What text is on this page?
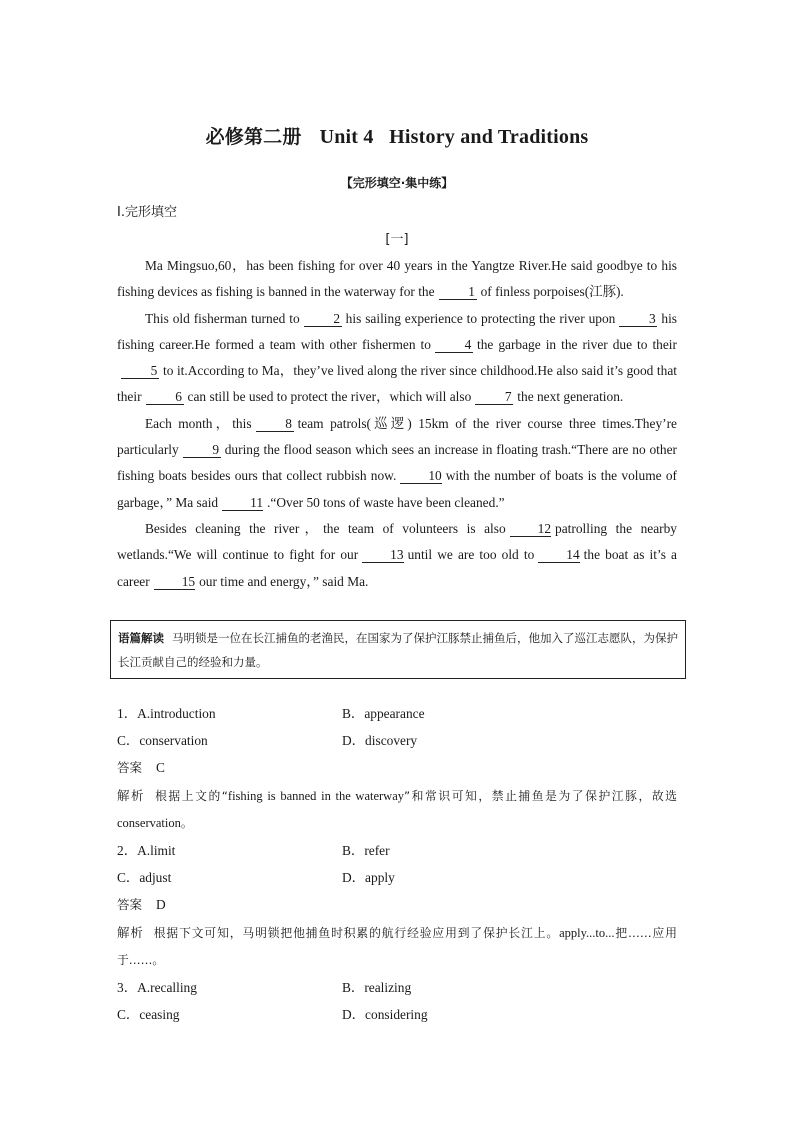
必修第二册 Unit 4   History and Traditions
【完形填空·集中练】
Ⅰ.完形填空
[一]

Ma Mingsuo,60，has been fishing for over 40 years in the Yangtze River.He said goodbye to his fishing devices as fishing is banned in the waterway for the	1 of finless porpoises(江豚).

This old fisherman turned to	2 his sailing experience to protecting the river upon	3 his fishing career.He formed a team with other fishermen to	4 the garbage in the river due to their5 to it.According to Ma，they’ve lived along the river since childhood.He also said it’s good that their	6 can still be used to protect the river，which will also	7 the next generation.

Each month，this	8 team patrols(巡逻) 15km of the river course three times.They’re particularly	9 during the flood season which sees an increase in floating trash.“There are no other fishing boats besides ours that collect rubbish now. 10 with the number of boats is the volume of garbage，” Ma said 11 .“Over 50 tons of waste have been cleaned.”

Besides cleaning the river，the team of volunteers is also 12 patrolling the nearby wetlands.“We will continue to fight for our 13 until we are too old to 14 the boat as it’s a career 15 our time and energy，” said Ma.

语篇解读 马明锁是一位在长江捕鱼的老渔民，在国家为了保护江豚禁止捕鱼后，他加入了巡江志愿队，为保护长江贡献自己的经验和力量。
1．A.introduction	B．appearance
C．conservation	D．discovery
答案 C
解析 根据上文的“fishing is banned in the waterway”和常识可知，禁止捕鱼是为了保护江豚，故选 conservation。
2．A.limit	B．refer
C．adjust	D．apply
答案 D
解析 根据下文可知，马明锁把他捕鱼时积累的航行经验应用到了保护长江上。apply...to...把……应用于……。
3．A.recalling	B．realizing
C．ceasing	D．considering
